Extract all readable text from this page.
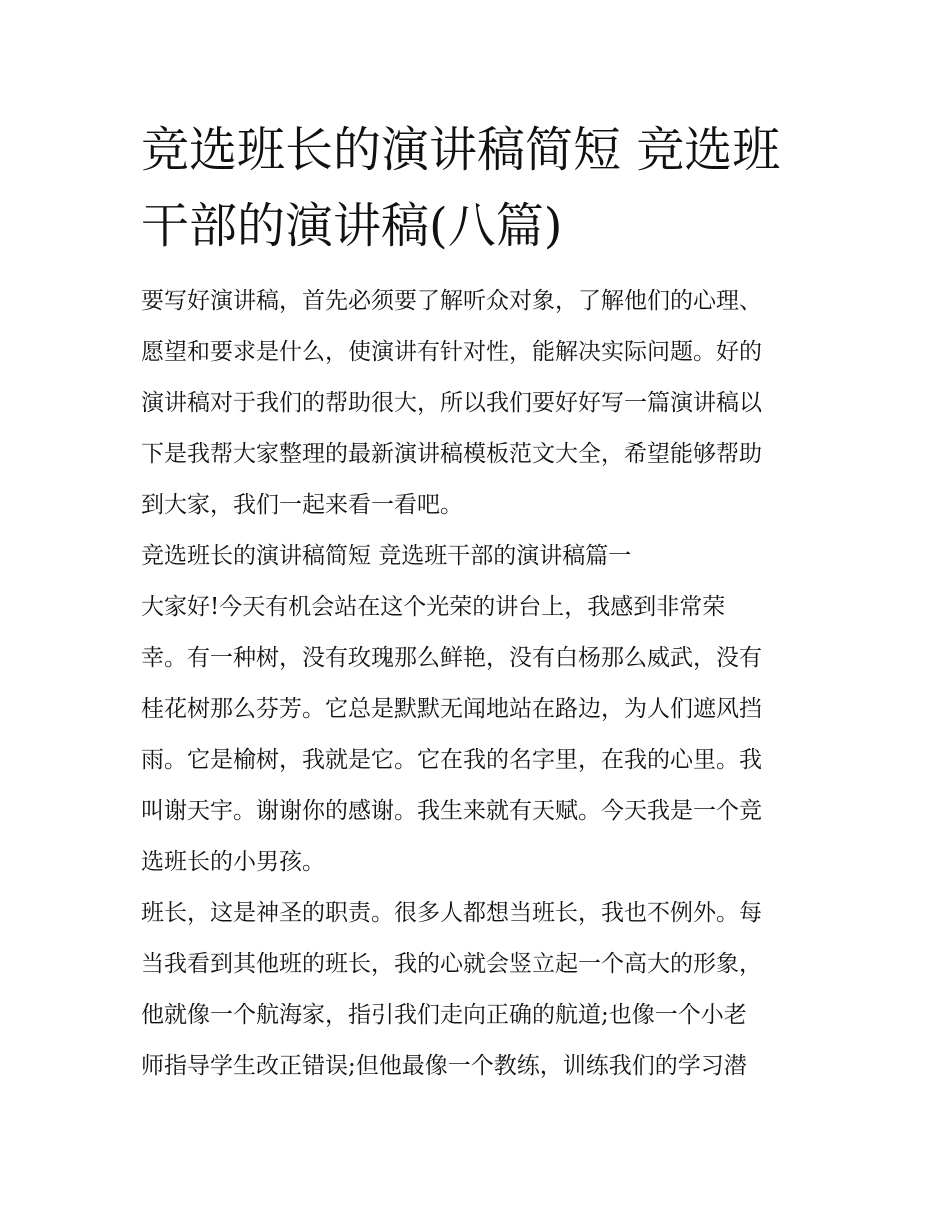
竞选班长的演讲稿简短 竞选班
干部的演讲稿(八篇)

要写好演讲稿，首先必须要了解听众对象，了解他们的心理、
愿望和要求是什么，使演讲有针对性，能解决实际问题。好的
演讲稿对于我们的帮助很大，所以我们要好好写一篇演讲稿以
下是我帮大家整理的最新演讲稿模板范文大全，希望能够帮助
到大家，我们一起来看一看吧。

竞选班长的演讲稿简短 竞选班干部的演讲稿篇一

大家好!今天有机会站在这个光荣的讲台上，我感到非常荣
幸。有一种树，没有玫瑰那么鲜艳，没有白杨那么威武，没有
桂花树那么芬芳。它总是默默无闻地站在路边，为人们遮风挡
雨。它是榆树，我就是它。它在我的名字里，在我的心里。我
叫谢天宇。谢谢你的感谢。我生来就有天赋。今天我是一个竞
选班长的小男孩。

班长，这是神圣的职责。很多人都想当班长，我也不例外。每
当我看到其他班的班长，我的心就会竖立起一个高大的形象，
他就像一个航海家，指引我们走向正确的航道;也像一个小老
师指导学生改正错误;但他最像一个教练，训练我们的学习潜
